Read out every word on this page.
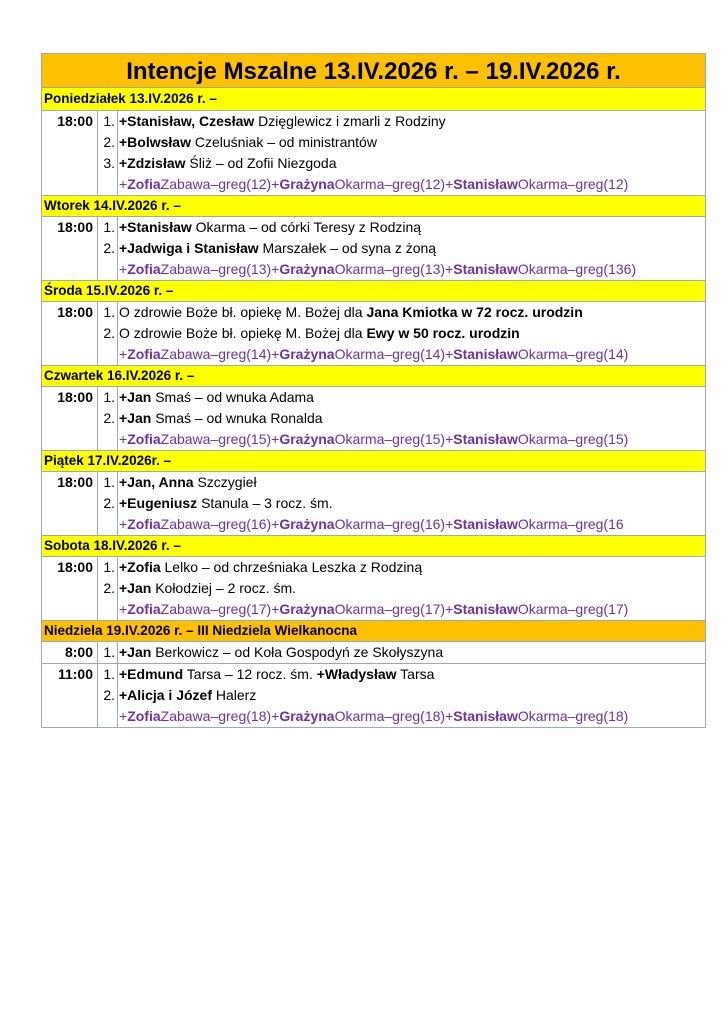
Intencje Mszalne 13.IV.2026 r. – 19.IV.2026 r.
Poniedziałek 13.IV.2026 r. –
18:00 1. +Stanisław, Czesław Dzięglewicz i zmarli z Rodziny
2. +Bolwsław Czeluśniak – od ministrantów
3. +Zdzisław Śliż – od Zofii Niezgoda
+ZofiaZabawa–greg(12)+GrażynaOkarma–greg(12)+StanisławOkarma–greg(12)
Wtorek 14.IV.2026 r. –
18:00 1. +Stanisław Okarma – od córki Teresy z Rodziną
2. +Jadwiga i Stanisław Marszałek – od syna z żoną
+ZofiaZabawa–greg(13)+GrażynaOkarma–greg(13)+StanisławOkarma–greg(136)
Środa 15.IV.2026 r. –
18:00 1. O zdrowie Boże bł. opiekę M. Bożej dla Jana Kmiotka w 72 rocz. urodzin
2. O zdrowie Boże bł. opiekę M. Bożej dla Ewy w 50 rocz. urodzin
+ZofiaZabawa–greg(14)+GrażynaOkarma–greg(14)+StanisławOkarma–greg(14)
Czwartek 16.IV.2026 r. –
18:00 1. +Jan Smaś – od wnuka Adama
2. +Jan Smaś – od wnuka Ronalda
+ZofiaZabawa–greg(15)+GrażynaOkarma–greg(15)+StanisławOkarma–greg(15)
Piątek 17.IV.2026r. –
18:00 1. +Jan, Anna Szczygieł
2. +Eugeniusz Stanula – 3 rocz. śm.
+ZofiaZabawa–greg(16)+GrażynaOkarma–greg(16)+StanisławOkarma–greg(16
Sobota 18.IV.2026 r. –
18:00 1. +Zofia Lelko – od chrześniaka Leszka z Rodziną
2. +Jan Kołodziej – 2 rocz. śm.
+ZofiaZabawa–greg(17)+GrażynaOkarma–greg(17)+StanisławOkarma–greg(17)
Niedziela 19.IV.2026 r. – III Niedziela Wielkanocna
8:00 1. +Jan Berkowicz – od Koła Gospodyń ze Skołyszyna
11:00 1. +Edmund Tarsa – 12 rocz. śm. +Władysław Tarsa
2. +Alicja i Józef Halerz
+ZofiaZabawa–greg(18)+GrażynaOkarma–greg(18)+StanisławOkarma–greg(18)
